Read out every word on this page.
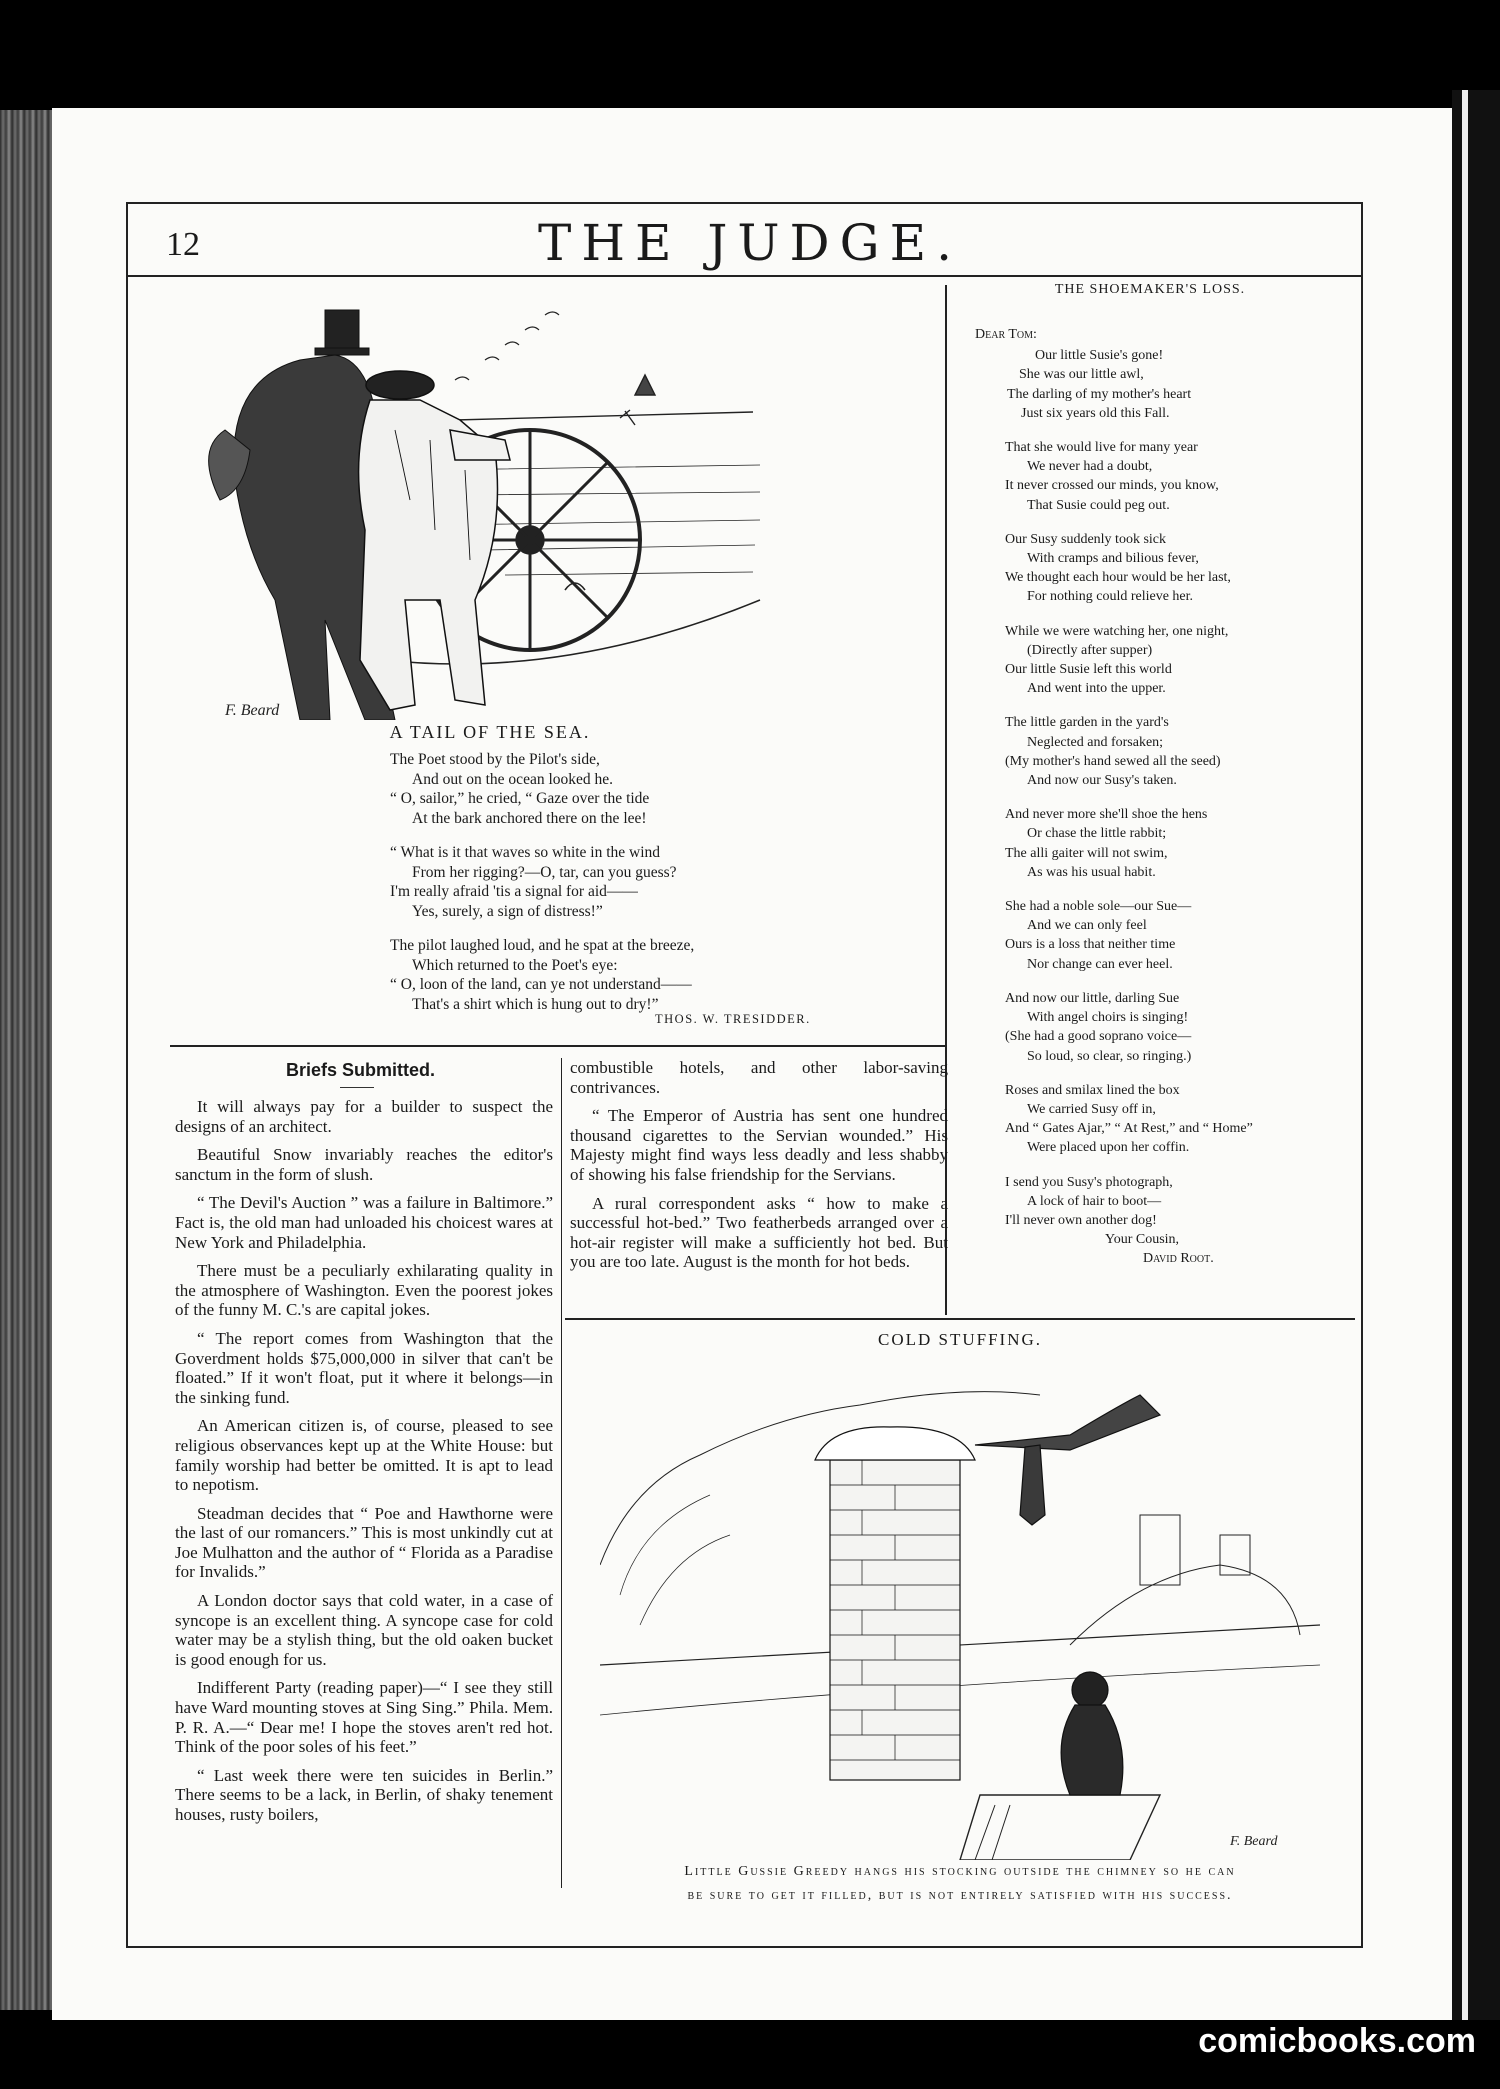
12	THE JUDGE.
F. Beard
A TAIL OF THE SEA.
The Poet stood by the Pilot's side,
And out on the ocean looked he.
“ O, sailor,” he cried, “ Gaze over the tide
At the bark anchored there on the lee!
“ What is it that waves so white in the wind
From her rigging?—O, tar, can you guess?
I'm really afraid 'tis a signal for aid——
Yes, surely, a sign of distress!”
The pilot laughed loud, and he spat at the breeze,
Which returned to the Poet's eye:
“ O, loon of the land, can ye not understand——
That's a shirt which is hung out to dry!”
THOS. W. TRESIDDER.
THE SHOEMAKER'S LOSS.
Dear Tom:
Our little Susie's gone!
She was our little awl,
The darling of my mother's heart
Just six years old this Fall.
That she would live for many year
We never had a doubt,
It never crossed our minds, you know,
That Susie could peg out.
Our Susy suddenly took sick
With cramps and bilious fever,
We thought each hour would be her last,
For nothing could relieve her.
While we were watching her, one night,
(Directly after supper)
Our little Susie left this world
And went into the upper.
The little garden in the yard's
Neglected and forsaken;
(My mother's hand sewed all the seed)
And now our Susy's taken.
And never more she'll shoe the hens
Or chase the little rabbit;
The alli gaiter will not swim,
As was his usual habit.
She had a noble sole—our Sue—
And we can only feel
Ours is a loss that neither time
Nor change can ever heel.
And now our little, darling Sue
With angel choirs is singing!
(She had a good soprano voice—
So loud, so clear, so ringing.)
Roses and smilax lined the box
We carried Susy off in,
And “ Gates Ajar,” “ At Rest,” and “ Home”
Were placed upon her coffin.
I send you Susy's photograph,
A lock of hair to boot—
I'll never own another dog!
Your Cousin,
David Root.
Briefs Submitted.

It will always pay for a builder to suspect the designs of an architect.

Beautiful Snow invariably reaches the editor's sanctum in the form of slush.

“ The Devil's Auction ” was a failure in Baltimore.” Fact is, the old man had unloaded his choicest wares at New York and Philadelphia.

There must be a peculiarly exhilarating quality in the atmosphere of Washington. Even the poorest jokes of the funny M. C.'s are capital jokes.

“ The report comes from Washington that the Goverdment holds $75,000,000 in silver that can't be floated.” If it won't float, put it where it belongs—in the sinking fund.

An American citizen is, of course, pleased to see religious observances kept up at the White House: but family worship had better be omitted. It is apt to lead to nepotism.

Steadman decides that “ Poe and Hawthorne were the last of our romancers.” This is most unkindly cut at Joe Mulhatton and the author of “ Florida as a Paradise for Invalids.”

A London doctor says that cold water, in a case of syncope is an excellent thing. A syncope case for cold water may be a stylish thing, but the old oaken bucket is good enough for us.

Indifferent Party (reading paper)—“ I see they still have Ward mounting stoves at Sing Sing.” Phila. Mem. P. R. A.—“ Dear me! I hope the stoves aren't red hot. Think of the poor soles of his feet.”

“ Last week there were ten suicides in Berlin.” There seems to be a lack, in Berlin, of shaky tenement houses, rusty boilers,

combustible hotels, and other labor-saving contrivances.

“ The Emperor of Austria has sent one hundred thousand cigarettes to the Servian wounded.” His Majesty might find ways less deadly and less shabby of showing his false friendship for the Servians.

A rural correspondent asks “ how to make a successful hot-bed.” Two featherbeds arranged over a hot-air register will make a sufficiently hot bed. But you are too late. August is the month for hot beds.

COLD STUFFING.
F. Beard
Little Gussie Greedy hangs his stocking outside the chimney so he can
be sure to get it filled, but is not entirely satisfied with his success.
comicbooks.com
